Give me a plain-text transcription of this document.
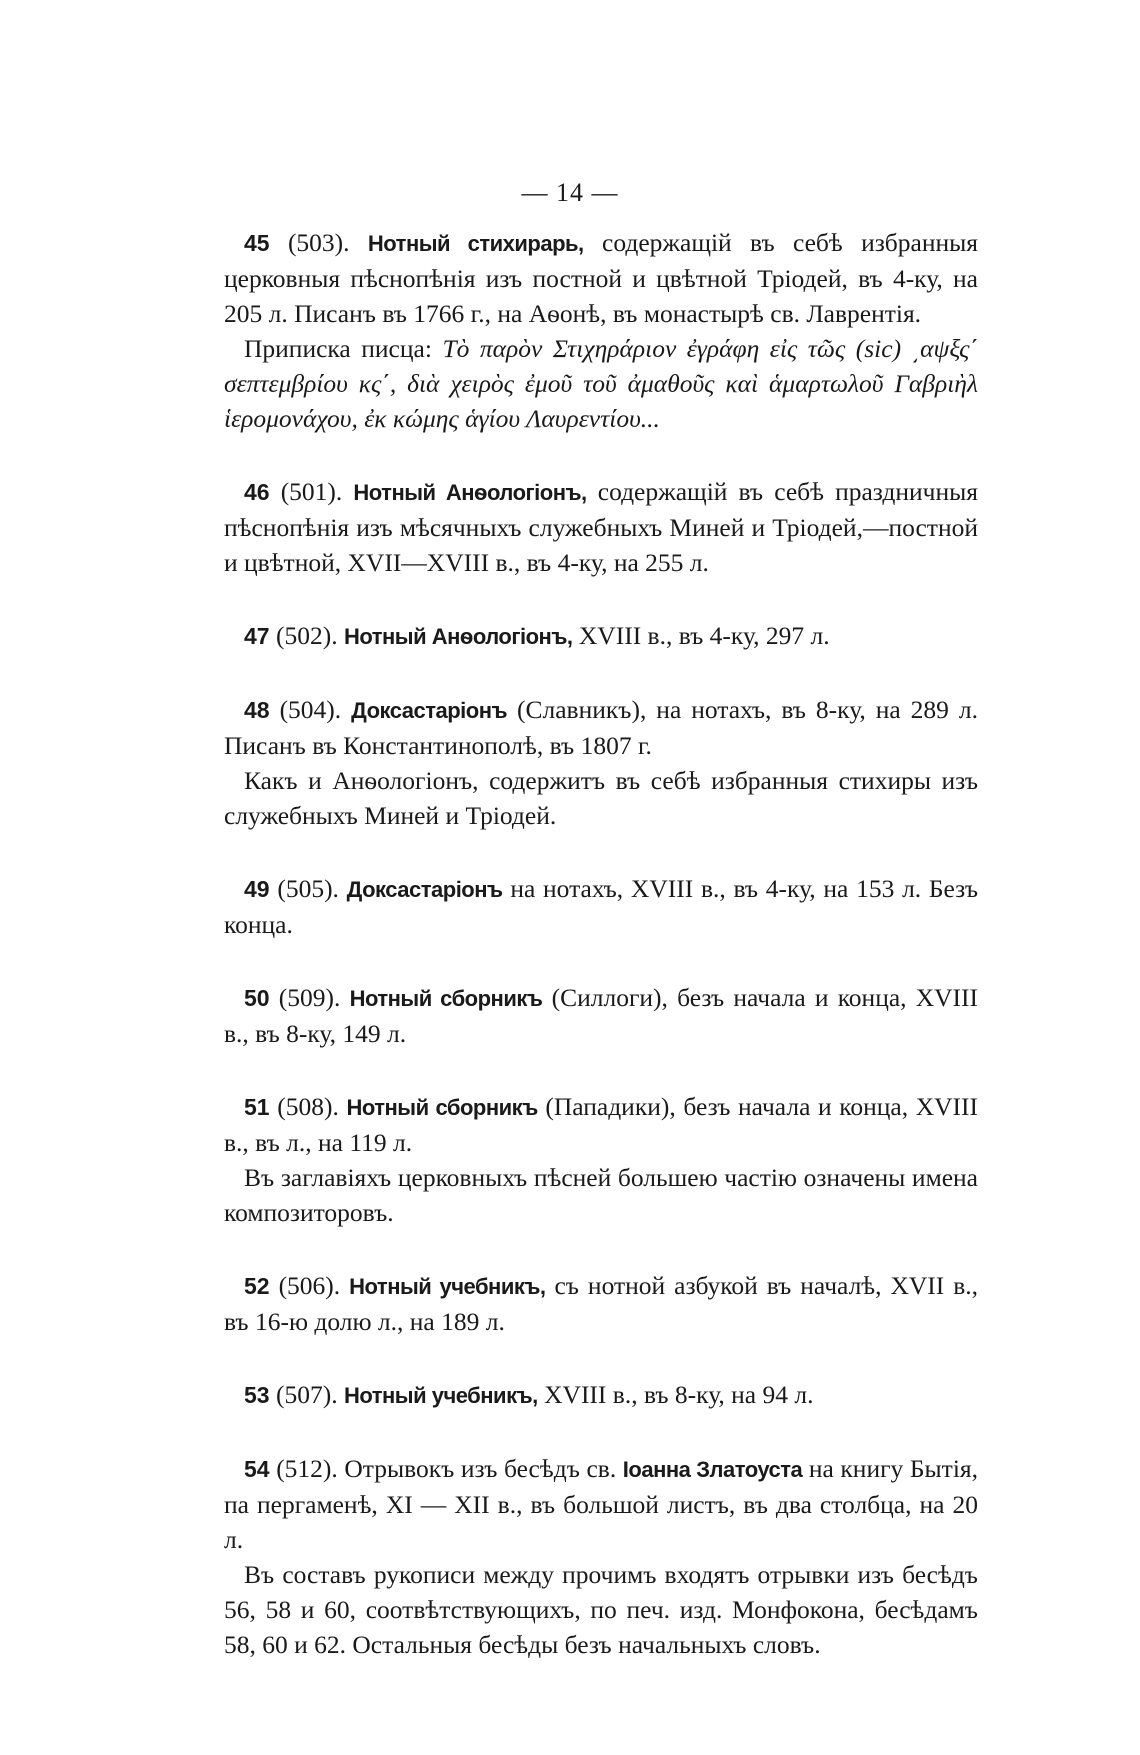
— 14 —

45 (503). Нотный стихирарь, содержащій въ себѣ избранныя церковныя пѣснопѣнія изъ постной и цвѣтной Тріодей, въ 4-ку, на 205 л. Писанъ въ 1766 г., на Аѳонѣ, въ монастырѣ св. Лаврентія.

Приписка писца: Τὸ παρὸν Στιχηράριον ἐγράφη εἰς τῶς (sic) ͵αψξς΄ σεπτεμβρίου κς΄, διὰ χειρὸς ἐμοῦ τοῦ ἀμαθοῦς καὶ ἁμαρτωλοῦ Γαβριὴλ ἱερομονάχου, ἐκ κώμης ἁγίου Λαυρεντίου...

46 (501). Нотный Анѳологіонъ, содержащій въ себѣ праздничныя пѣснопѣнія изъ мѣсячныхъ служебныхъ Миней и Тріодей,—постной и цвѣтной, XVII—XVIII в., въ 4-ку, на 255 л.

47 (502). Нотный Анѳологіонъ, XVIII в., въ 4-ку, 297 л.

48 (504). Доксастаріонъ (Славникъ), на нотахъ, въ 8-ку, на 289 л. Писанъ въ Константинополѣ, въ 1807 г.

Какъ и Анѳологіонъ, содержитъ въ себѣ избранныя стихиры изъ служебныхъ Миней и Тріодей.

49 (505). Доксастаріонъ на нотахъ, XVIII в., въ 4-ку, на 153 л. Безъ конца.

50 (509). Нотный сборникъ (Силлоги), безъ начала и конца, XVIII в., въ 8-ку, 149 л.

51 (508). Нотный сборникъ (Пападики), безъ начала и конца, XVIII в., въ л., на 119 л.

Въ заглавіяхъ церковныхъ пѣсней большею частію означены имена композиторовъ.

52 (506). Нотный учебникъ, съ нотной азбукой въ началѣ, XVII в., въ 16-ю долю л., на 189 л.

53 (507). Нотный учебникъ, XVIII в., въ 8-ку, на 94 л.

54 (512). Отрывокъ изъ бесѣдъ св. Іоанна Златоуста на книгу Бытія, па пергаменѣ, XI — XII в., въ большой листъ, въ два столбца, на 20 л.

Въ составъ рукописи между прочимъ входятъ отрывки изъ бесѣдъ 56, 58 и 60, соотвѣтствующихъ, по печ. изд. Монфокона, бесѣдамъ 58, 60 и 62. Остальныя бесѣды безъ начальныхъ словъ.
